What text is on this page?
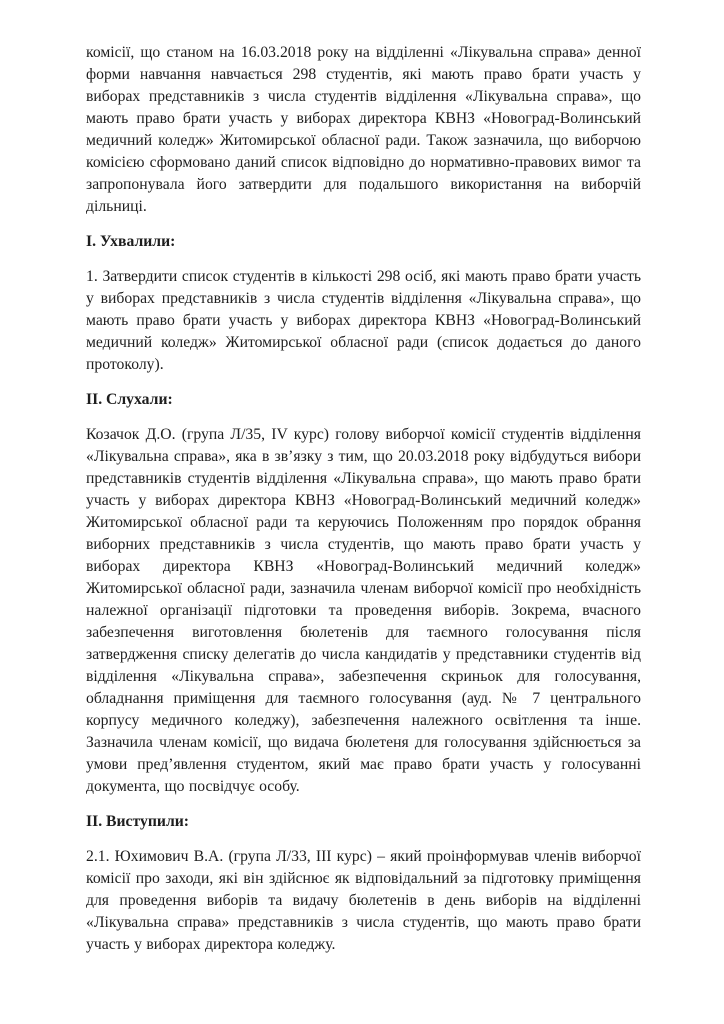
комісії, що станом на 16.03.2018 року на відділенні «Лікувальна справа» денної форми навчання навчається 298 студентів, які мають право брати участь у виборах представників з числа студентів відділення «Лікувальна справа», що мають право брати участь у виборах директора КВНЗ «Новоград-Волинський медичний коледж» Житомирської обласної ради. Також зазначила, що виборчою комісією сформовано даний список відповідно до нормативно-правових вимог та запропонувала його затвердити для подальшого використання на виборчій дільниці.

І. Ухвалили:

1. Затвердити список студентів в кількості 298 осіб, які мають право брати участь у виборах представників з числа студентів відділення «Лікувальна справа», що мають право брати участь у виборах директора КВНЗ «Новоград-Волинський медичний коледж» Житомирської обласної ради (список додається до даного протоколу).

ІІ. Слухали:

Козачок Д.О. (група Л/35, IV курс) голову виборчої комісії студентів відділення «Лікувальна справа», яка в зв’язку з тим, що 20.03.2018 року відбудуться вибори представників студентів відділення «Лікувальна справа», що мають право брати участь у виборах директора КВНЗ «Новоград-Волинський медичний коледж» Житомирської обласної ради та керуючись Положенням про порядок обрання виборних представників з числа студентів, що мають право брати участь у виборах директора КВНЗ «Новоград-Волинський медичний коледж» Житомирської обласної ради, зазначила членам виборчої комісії про необхідність належної організації підготовки та проведення виборів. Зокрема, вчасного забезпечення виготовлення бюлетенів для таємного голосування після затвердження списку делегатів до числа кандидатів у представники студентів від відділення «Лікувальна справа», забезпечення скриньок для голосування, обладнання приміщення для таємного голосування (ауд. № 7 центрального корпусу медичного коледжу), забезпечення належного освітлення та інше. Зазначила членам комісії, що видача бюлетеня для голосування здійснюється за умови пред’явлення студентом, який має право брати участь у голосуванні документа, що посвідчує особу.

ІІ. Виступили:

2.1. Юхимович В.А. (група Л/33, ІІІ курс) – який проінформував членів виборчої комісії про заходи, які він здійснює як відповідальний за підготовку приміщення для проведення виборів та видачу бюлетенів в день виборів на відділенні «Лікувальна справа» представників з числа студентів, що мають право брати участь у виборах директора коледжу.
